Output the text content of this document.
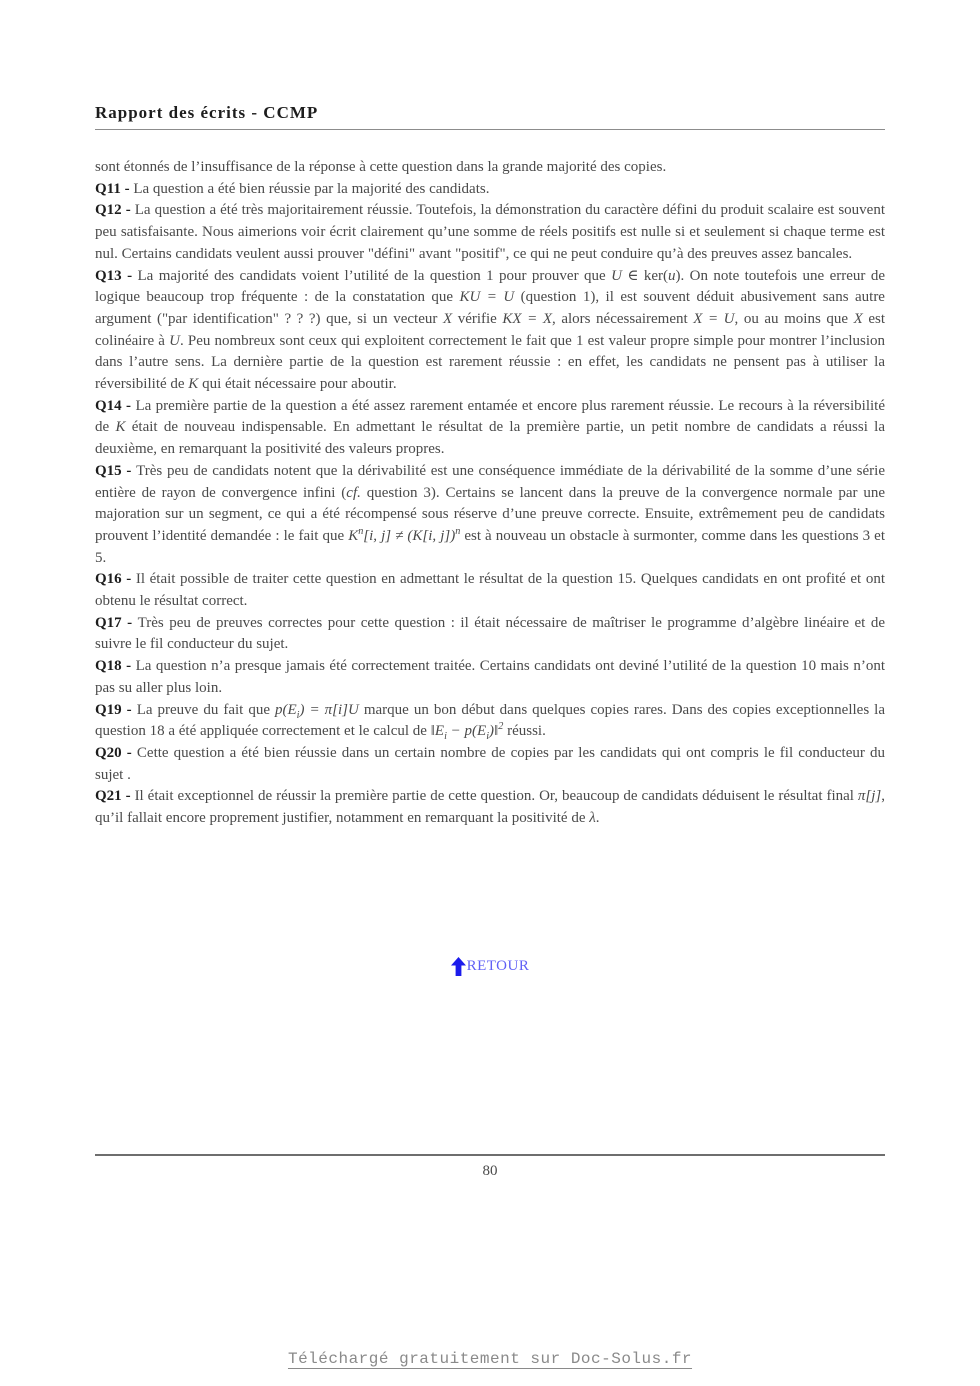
Rapport des écrits - CCMP

sont étonnés de l’insuffisance de la réponse à cette question dans la grande majorité des copies.

Q11 - La question a été bien réussie par la majorité des candidats.

Q12 - La question a été très majoritairement réussie. Toutefois, la démonstration du caractère défini du produit scalaire est souvent peu satisfaisante. Nous aimerions voir écrit clairement qu’une somme de réels positifs est nulle si et seulement si chaque terme est nul. Certains candidats veulent aussi prouver "défini" avant "positif", ce qui ne peut conduire qu’à des preuves assez bancales.

Q13 - La majorité des candidats voient l’utilité de la question 1 pour prouver que U ∈ ker(u). On note toutefois une erreur de logique beaucoup trop fréquente : de la constatation que KU = U (question 1), il est souvent déduit abusivement sans autre argument ("par identification" ? ? ?) que, si un vecteur X vérifie KX = X, alors nécessairement X = U, ou au moins que X est colinéaire à U. Peu nombreux sont ceux qui exploitent correctement le fait que 1 est valeur propre simple pour montrer l’inclusion dans l’autre sens. La dernière partie de la question est rarement réussie : en effet, les candidats ne pensent pas à utiliser la réversibilité de K qui était nécessaire pour aboutir.

Q14 - La première partie de la question a été assez rarement entamée et encore plus rarement réussie. Le recours à la réversibilité de K était de nouveau indispensable. En admettant le résultat de la première partie, un petit nombre de candidats a réussi la deuxième, en remarquant la positivité des valeurs propres.

Q15 - Très peu de candidats notent que la dérivabilité est une conséquence immédiate de la dérivabilité de la somme d’une série entière de rayon de convergence infini (cf. question 3). Certains se lancent dans la preuve de la convergence normale par une majoration sur un segment, ce qui a été récompensé sous réserve d’une preuve correcte. Ensuite, extrêmement peu de candidats prouvent l’identité demandée : le fait que $K^n[i$, j] ≠ (K[i, j])$^n$ est à nouveau un obstacle à surmonter, comme dans les questions 3 et 5.

Q16 - Il était possible de traiter cette question en admettant le résultat de la question 15. Quelques candidats en ont profité et ont obtenu le résultat correct.

Q17 - Très peu de preuves correctes pour cette question : il était nécessaire de maîtriser le programme d’algèbre linéaire et de suivre le fil conducteur du sujet.

Q18 - La question n’a presque jamais été correctement traitée. Certains candidats ont deviné l’utilité de la question 10 mais n’ont pas su aller plus loin.

Q19 - La preuve du fait que $p(E_i) = \pi[i]U$ marque un bon début dans quelques copies rares. Dans des copies exceptionnelles la question 18 a été appliquée correctement et le calcul de $‖E_i$ − $p(E_i)‖^2$ réussi.

Q20 - Cette question a été bien réussie dans un certain nombre de copies par les candidats qui ont compris le fil conducteur du sujet .

Q21 - Il était exceptionnel de réussir la première partie de cette question. Or, beaucoup de candidats déduisent le résultat final π[j], qu’il fallait encore proprement justifier, notamment en remarquant la positivité de λ.

RETOUR
80
Téléchargé gratuitement sur Doc-Solus.fr
